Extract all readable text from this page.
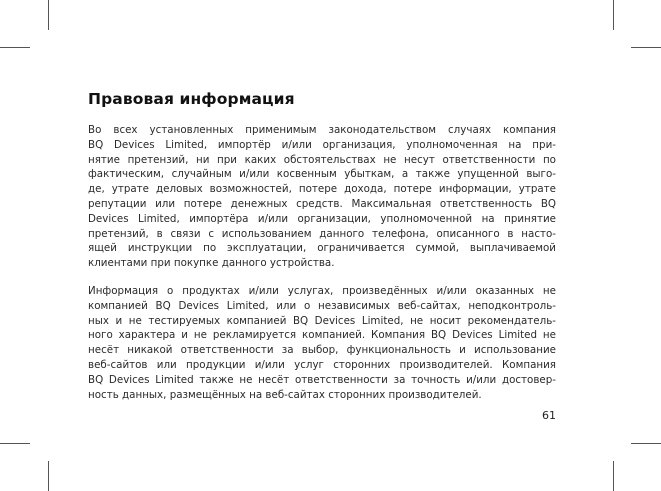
Правовая информация
Во всех установленных применимым законодательством случаях компания
BQ Devices Limited, импортёр и/или организация, уполномоченная на при-
нятие претензий, ни при каких обстоятельствах не несут ответственности по
фактическим, случайным и/или косвенным убыткам, а также упущенной выго-
де, утрате деловых возможностей, потере дохода, потере информации, утрате
репутации или потере денежных средств. Максимальная ответственность BQ
Devices Limited, импортёра и/или организации, уполномоченной на принятие
претензий, в связи с использованием данного телефона, описанного в насто-
ящей инструкции по эксплуатации, ограничивается суммой, выплачиваемой
клиентами при покупке данного устройства.
Информация о продуктах и/или услугах, произведённых и/или оказанных не
компанией BQ Devices Limited, или о независимых веб-сайтах, неподконтроль-
ных и не тестируемых компанией BQ Devices Limited, не носит рекомендатель-
ного характера и не рекламируется компанией. Компания BQ Devices Limited не
несёт никакой ответственности за выбор, функциональность и использование
веб-сайтов или продукции и/или услуг сторонних производителей. Компания
BQ Devices Limited также не несёт ответственности за точность и/или достовер-
ность данных, размещённых на веб-сайтах сторонних производителей.
61
